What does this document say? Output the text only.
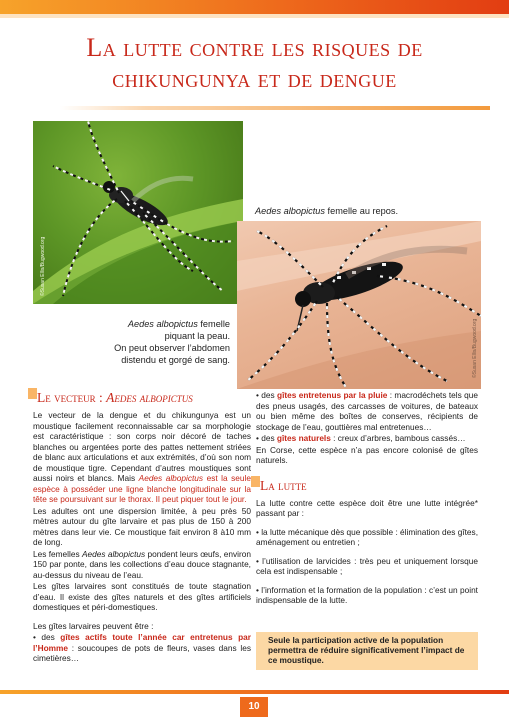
La lutte contre les risques de
chikungunya et de dengue
©Susan Ellis/Bugwood.org
Aedes albopictus femelle au repos.
©Susan Ellis/Bugwood.org
Aedes albopictus femelle
piquant la peau.
On peut observer l’abdomen
distendu et gorgé de sang.
Le vecteur : Aedes albopictus

Le vecteur de la dengue et du chikungunya est un moustique facilement reconnaissable car sa morphologie est caractéristique : son corps noir décoré de taches blanches ou argentées porte des pattes nettement striées de blanc aux articulations et aux extrémités, d’où son nom de moustique tigre. Cependant d’autres moustiques sont aussi noirs et blancs. Mais Aedes albopictus est la seule espèce à posséder une ligne blanche longitudinale sur la tête se poursuivant sur le thorax. Il peut piquer tout le jour.

Les adultes ont une dispersion limitée, à peu près 50 mètres autour du gîte larvaire et pas plus de 150 à 200 mètres dans leur vie. Ce moustique fait environ 8 à10 mm de long.

Les femelles Aedes albopictus pondent leurs œufs, environ 150 par ponte, dans les collections d’eau douce stagnante, au-dessus du niveau de l’eau.

Les gîtes larvaires sont constitués de toute stagnation d’eau. Il existe des gîtes naturels et des gîtes artificiels domestiques et péri-domestiques.

Les gîtes larvaires peuvent être :

• des gîtes actifs toute l’année car entretenus par l’Homme : soucoupes de pots de fleurs, vases dans les cimetières…

• des gîtes entretenus par la pluie : macrodéchets tels que des pneus usagés, des carcasses de voitures, de bateaux ou bien même des boîtes de conserves, récipients de stockage de l’eau, gouttières mal entretenues…

• des gîtes naturels : creux d’arbres, bambous cassés…

En Corse, cette espèce n’a pas encore colonisé de gîtes naturels.

La lutte

La lutte contre cette espèce doit être une lutte intégrée* passant par :

• la lutte mécanique dès que possible : élimination des gîtes, aménagement ou entretien ;

• l’utilisation de larvicides : très peu et uniquement lorsque cela est indispensable ;

• l’information et la formation de la population : c’est un point indispensable de la lutte.

Seule la participation active de la population permettra de réduire significativement l’impact de ce moustique.
10
